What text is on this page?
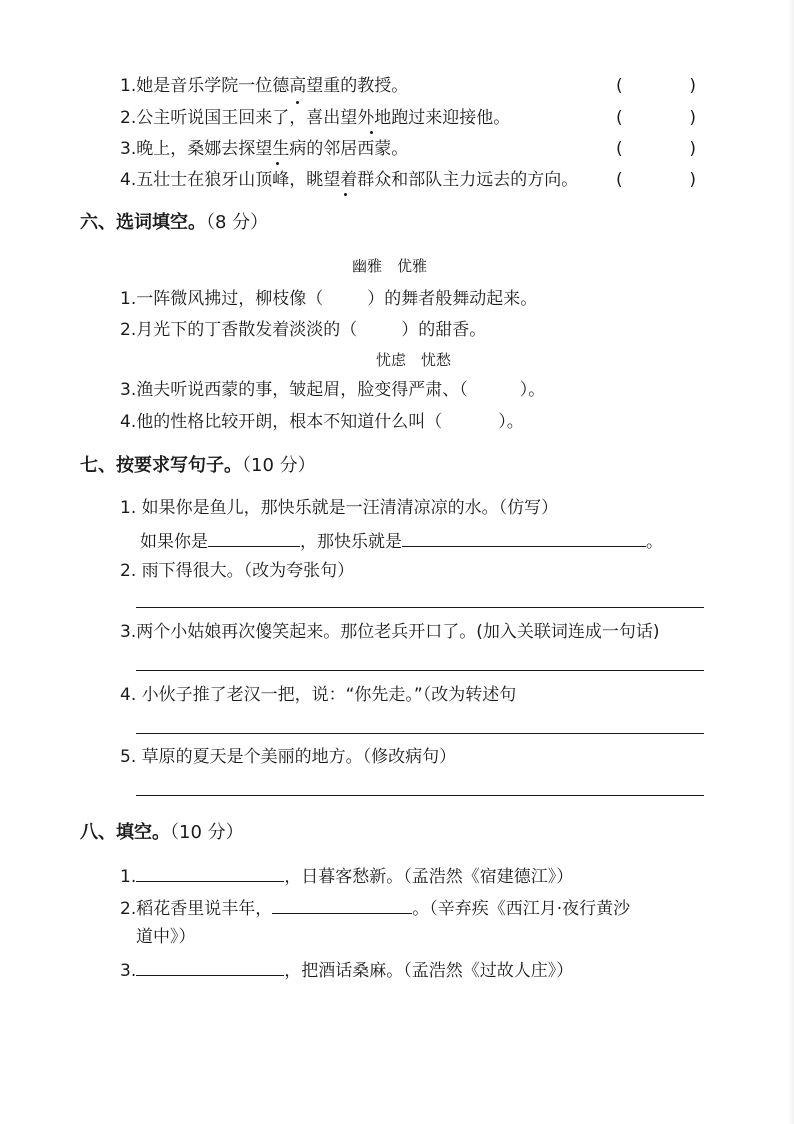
1.她是音乐学院一位德高望重的教授。	(	)
2.公主听说国王回来了，喜出望外地跑过来迎接他。	(	)
3.晚上，桑娜去探望生病的邻居西蒙。	(	)
4.五壮士在狼牙山顶峰，眺望着群众和部队主力远去的方向。 (	)
六、选词填空。（8 分）
幽雅　优雅
1.一阵微风拂过，柳枝像（	）的舞者般舞动起来。
2.月光下的丁香散发着淡淡的（	）的甜香。
忧虑　忧愁
3.渔夫听说西蒙的事，皱起眉，脸变得严肃、（	）。
4.他的性格比较开朗，根本不知道什么叫（	）。
七、按要求写句子。（10 分）
1. 如果你是鱼儿，那快乐就是一汪清清凉凉的水。（仿写）
如果你是	，那快乐就是	。
2. 雨下得很大。（改为夸张句）
3.两个小姑娘再次傻笑起来。那位老兵开口了。(加入关联词连成一句话)
4. 小伙子推了老汉一把，说：“你先走。”（改为转述句
5. 草原的夏天是个美丽的地方。（修改病句）
八、填空。（10 分）
1.	，日暮客愁新。（孟浩然《宿建德江》）
2.稻花香里说丰年，	。（辛弃疾《西江月·夜行黄沙
道中》）
3.	，把酒话桑麻。（孟浩然《过故人庄》）
